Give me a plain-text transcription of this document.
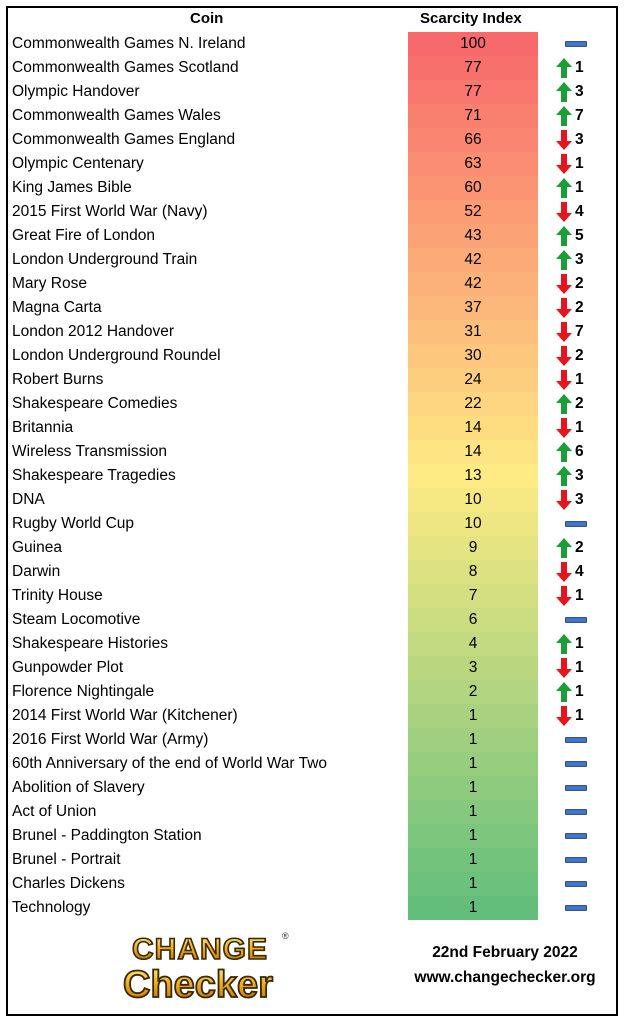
Coin	Scarcity Index
Commonwealth Games N. Ireland	100
Commonwealth Games Scotland	77	1
Olympic Handover	77	3
Commonwealth Games Wales	71	7
Commonwealth Games England	66	3
Olympic Centenary	63	1
King James Bible	60	1
2015 First World War (Navy)	52	4
Great Fire of London	43	5
London Underground Train	42	3
Mary Rose	42	2
Magna Carta	37	2
London 2012 Handover	31	7
London Underground Roundel	30	2
Robert Burns	24	1
Shakespeare Comedies	22	2
Britannia	14	1
Wireless Transmission	14	6
Shakespeare Tragedies	13	3
DNA	10	3
Rugby World Cup	10
Guinea	9	2
Darwin	8	4
Trinity House	7	1
Steam Locomotive	6
Shakespeare Histories	4	1
Gunpowder Plot	3	1
Florence Nightingale	2	1
2014 First World War (Kitchener)	1	1
2016 First World War (Army)	1
60th Anniversary of the end of World War Two	1
Abolition of Slavery	1
Act of Union	1
Brunel - Paddington Station	1
Brunel - Portrait	1
Charles Dickens	1
Technology	1
CHANGE ®
Checker
22nd February 2022
www.changechecker.org
